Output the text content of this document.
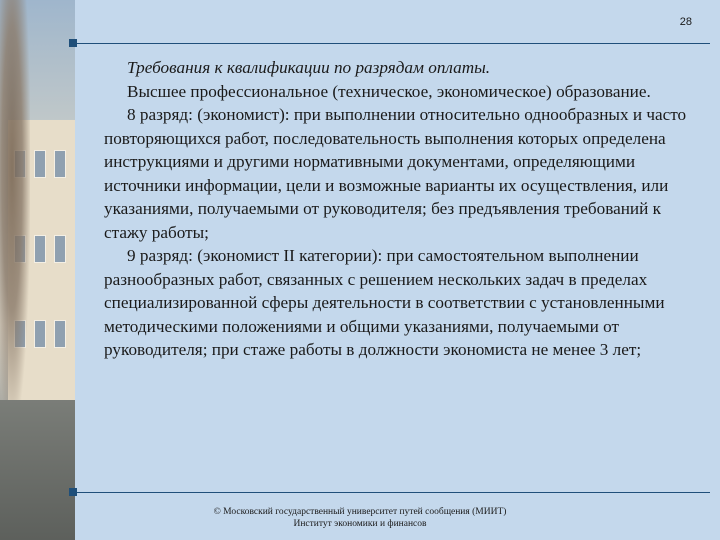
28

Требования к квалификации по разрядам оплаты.

Высшее профессиональное (техническое, экономическое) образование.

8 разряд: (экономист): при выполнении относительно однообразных и часто повторяющихся работ, последовательность выполнения которых определена инструкциями и другими нормативными документами, определяющими источники информации, цели и возможные варианты их осуществления, или указаниями, получаемыми от руководителя; без предъявления требований к стажу работы;

9 разряд: (экономист II категории): при самостоятельном выполнении разнообразных работ, связанных с решением нескольких задач в пределах специализированной сферы деятельности в соответствии с установленными методическими положениями и общими указаниями, получаемыми от руководителя; при стаже работы в должности экономиста не менее 3 лет;

© Московский государственный университет путей сообщения (МИИТ)
Институт экономики и финансов
